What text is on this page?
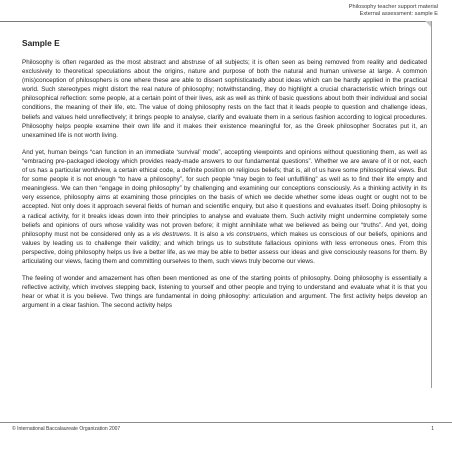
Philosophy teacher support material
External assessment: sample E
Sample E

Philosophy is often regarded as the most abstract and abstruse of all subjects; it is often seen as being removed from reality and dedicated exclusively to theoretical speculations about the origins, nature and purpose of both the natural and human universe at large. A common (mis)conception of philosophers is one where these are able to dissert sophisticatedly about ideas which can be hardly applied in the practical world. Such stereotypes might distort the real nature of philosophy; notwithstanding, they do highlight a crucial characteristic which brings out philosophical reflection: some people, at a certain point of their lives, ask as well as think of basic questions about both their individual and social conditions, the meaning of their life, etc. The value of doing philosophy rests on the fact that it leads people to question and challenge ideas, beliefs and values held unreflectively; it brings people to analyse, clarify and evaluate them in a serious fashion according to logical procedures. Philosophy helps people examine their own life and it makes their existence meaningful for, as the Greek philosopher Socrates put it, an unexamined life is not worth living.

And yet, human beings “can function in an immediate ‘survival’ mode”, accepting viewpoints and opinions without questioning them, as well as “embracing pre-packaged ideology which provides ready-made answers to our fundamental questions”. Whether we are aware of it or not, each of us has a particular worldview, a certain ethical code, a definite position on religious beliefs; that is, all of us have some philosophical views. But for some people it is not enough “to have a philosophy”, for such people “may begin to feel unfulfilling” as well as to find their life empty and meaningless. We can then “engage in doing philosophy” by challenging and examining our conceptions consciously. As a thinking activity in its very essence, philosophy aims at examining those principles on the basis of which we decide whether some ideas ought or ought not to be accepted. Not only does it approach several fields of human and scientific enquiry, but also it questions and evaluates itself. Doing philosophy is a radical activity, for it breaks ideas down into their principles to analyse and evaluate them. Such activity might undermine completely some beliefs and opinions of ours whose validity was not proven before; it might annihilate what we believed as being our “truths”. And yet, doing philosophy must not be considered only as a vis destruens. It is also a vis construens, which makes us conscious of our beliefs, opinions and values by leading us to challenge their validity; and which brings us to substitute fallacious opinions with less erroneous ones. From this perspective, doing philosophy helps us live a better life, as we may be able to better assess our ideas and give consciously reasons for them. By articulating our views, facing them and committing ourselves to them, such views truly become our views.

The feeling of wonder and amazement has often been mentioned as one of the starting points of philosophy. Doing philosophy is essentially a reflective activity, which involves stepping back, listening to yourself and other people and trying to understand and evaluate what it is that you hear or what it is you believe. Two things are fundamental in doing philosophy: articulation and argument. The first activity helps develop an argument in a clear fashion. The second activity helps

© International Baccalaureate Organization 2007	1
